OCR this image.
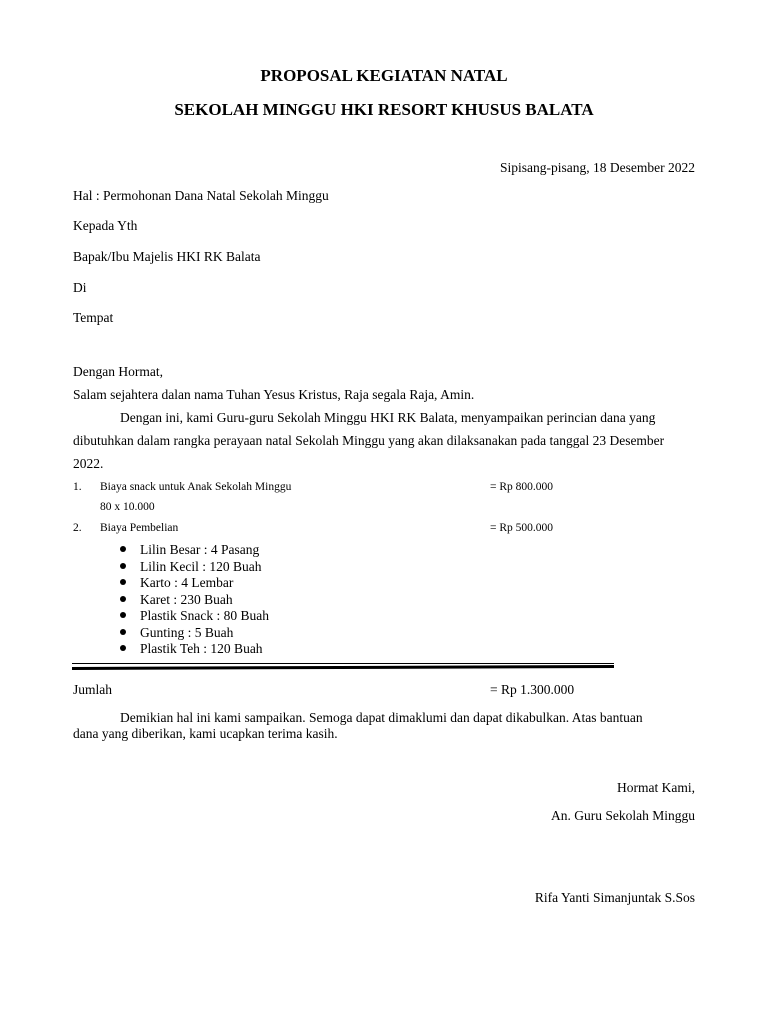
PROPOSAL KEGIATAN NATAL
SEKOLAH MINGGU HKI RESORT KHUSUS BALATA
Sipisang-pisang, 18 Desember 2022
Hal : Permohonan Dana Natal Sekolah Minggu
Kepada Yth
Bapak/Ibu Majelis HKI RK Balata
Di
Tempat
Dengan Hormat,
Salam sejahtera dalan nama Tuhan Yesus Kristus, Raja segala Raja, Amin.
Dengan ini, kami Guru-guru Sekolah Minggu HKI RK Balata, menyampaikan perincian dana yang
dibutuhkan dalam rangka perayaan natal Sekolah Minggu yang akan dilaksanakan pada tanggal 23 Desember
2022.
1. Biaya snack untuk Anak Sekolah Minggu	= Rp 800.000
80 x 10.000
2. Biaya Pembelian	= Rp 500.000
Lilin Besar : 4 Pasang
Lilin Kecil : 120 Buah
Karto : 4 Lembar
Karet : 230 Buah
Plastik Snack : 80 Buah
Gunting : 5 Buah
Plastik Teh : 120 Buah
Jumlah	= Rp 1.300.000
Demikian hal ini kami sampaikan. Semoga dapat dimaklumi dan dapat dikabulkan. Atas bantuan
dana yang diberikan, kami ucapkan terima kasih.
Hormat Kami,
An. Guru Sekolah Minggu
Rifa Yanti Simanjuntak S.Sos
